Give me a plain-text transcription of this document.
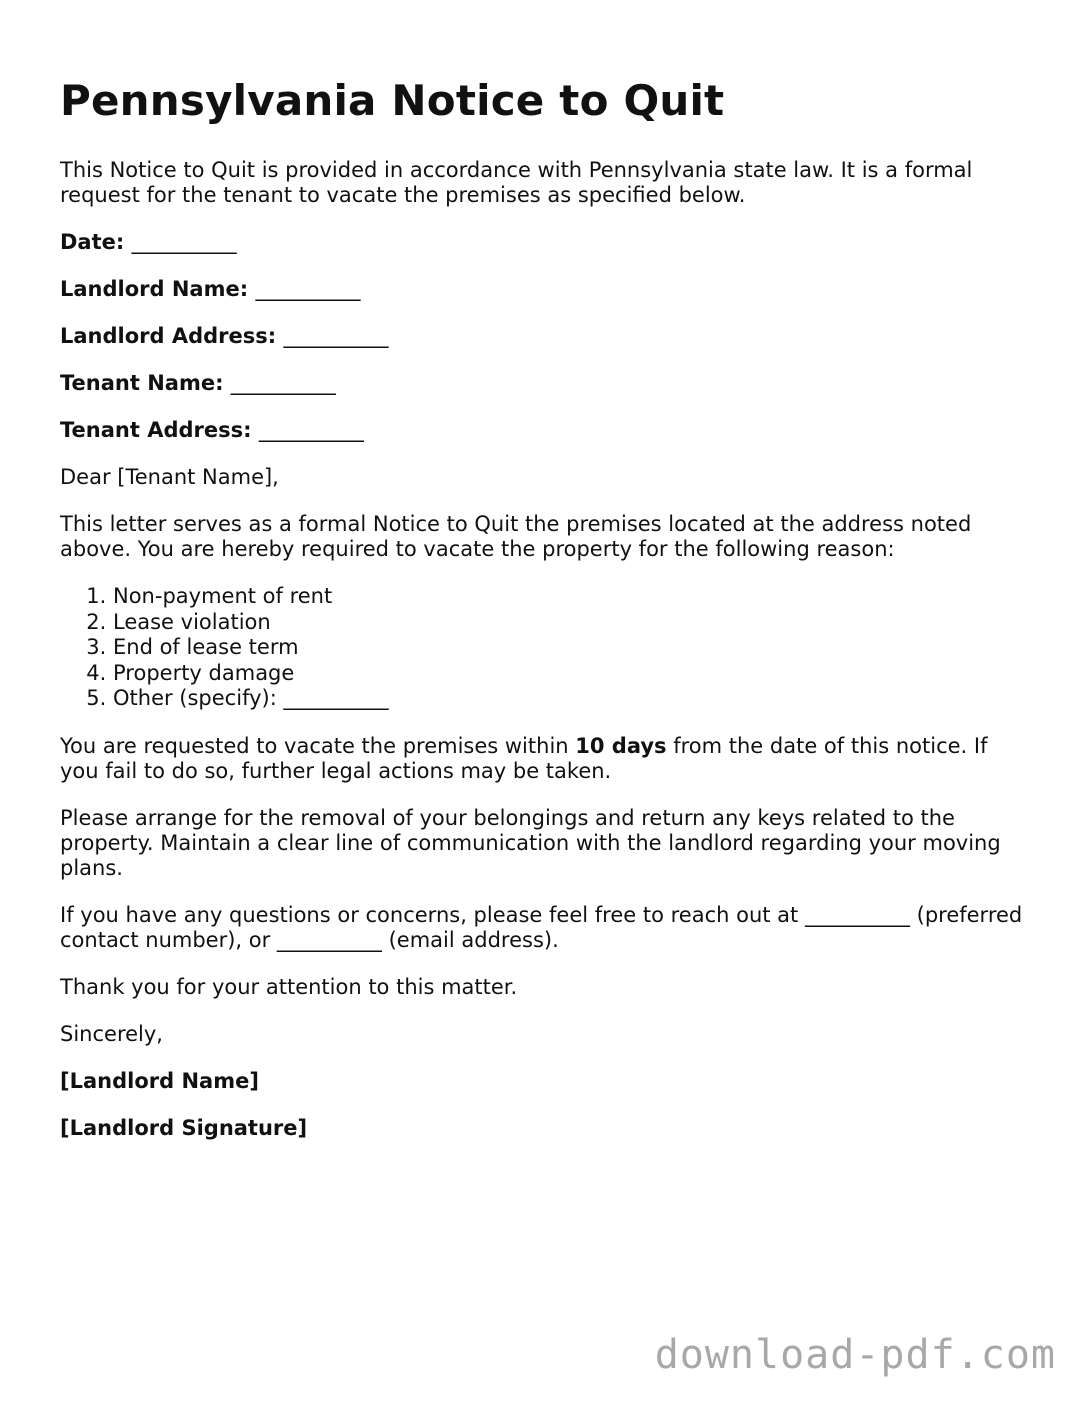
Pennsylvania Notice to Quit

This Notice to Quit is provided in accordance with Pennsylvania state law. It is a formal request for the tenant to vacate the premises as specified below.

Date: __________

Landlord Name: __________

Landlord Address: __________

Tenant Name: __________

Tenant Address: __________

Dear [Tenant Name],

This letter serves as a formal Notice to Quit the premises located at the address noted above. You are hereby required to vacate the property for the following reason:

1. Non-payment of rent
2. Lease violation
3. End of lease term
4. Property damage
5. Other (specify): __________

You are requested to vacate the premises within 10 days from the date of this notice. If you fail to do so, further legal actions may be taken.

Please arrange for the removal of your belongings and return any keys related to the property. Maintain a clear line of communication with the landlord regarding your moving plans.

If you have any questions or concerns, please feel free to reach out at __________ (preferred contact number), or __________ (email address).

Thank you for your attention to this matter.

Sincerely,

[Landlord Name]

[Landlord Signature]

download-pdf.com
